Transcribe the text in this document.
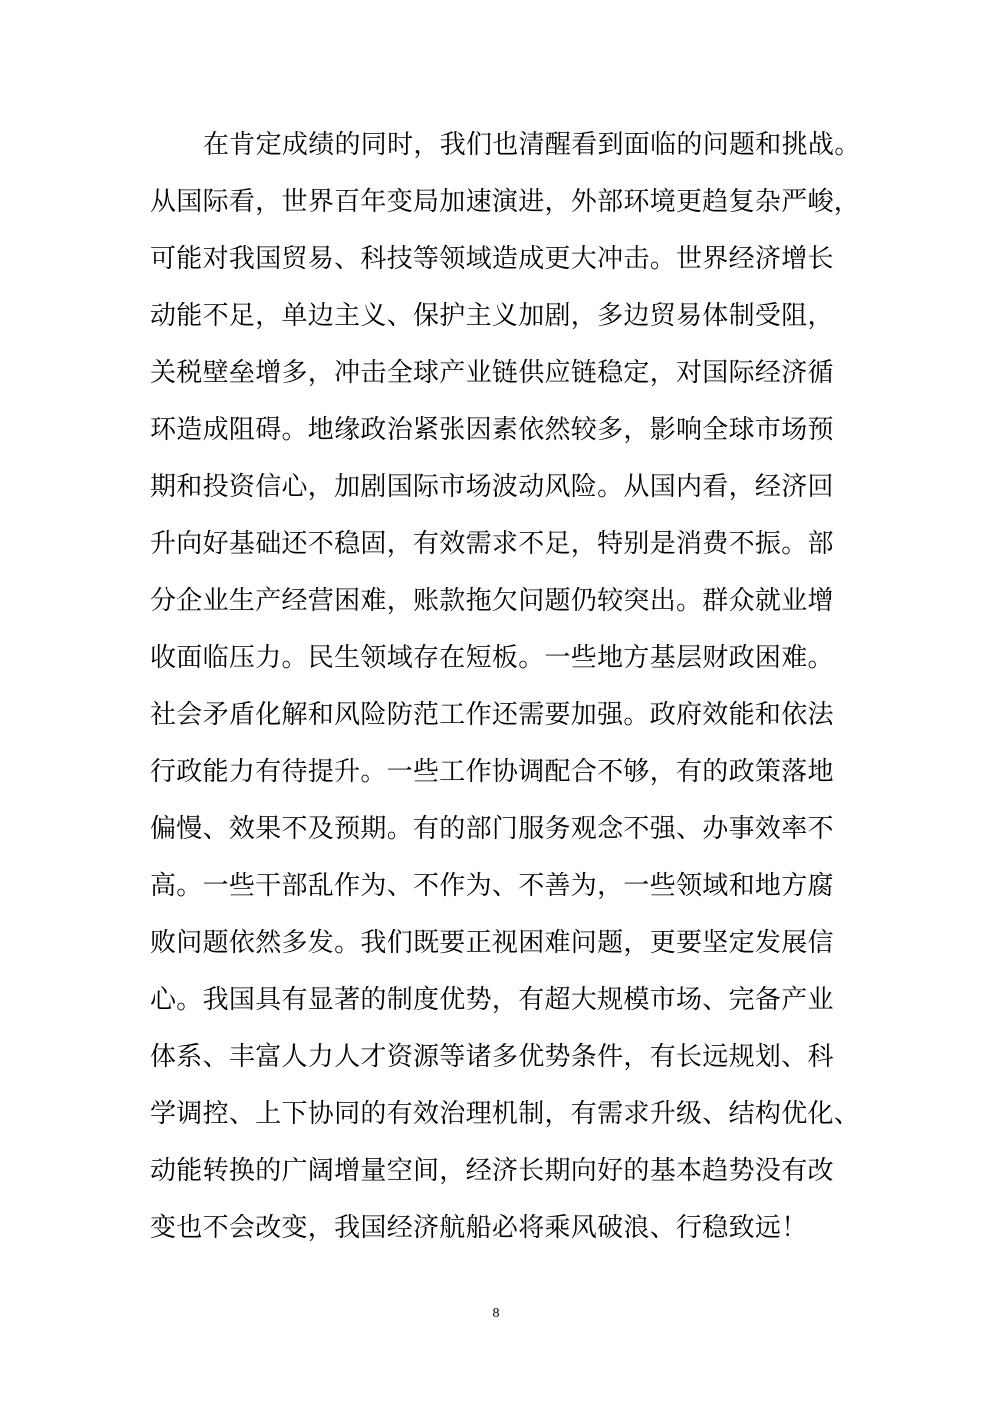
在肯定成绩的同时，我们也清醒看到面临的问题和挑战。
从国际看，世界百年变局加速演进，外部环境更趋复杂严峻，
可能对我国贸易、科技等领域造成更大冲击。世界经济增长
动能不足，单边主义、保护主义加剧，多边贸易体制受阻，
关税壁垒增多，冲击全球产业链供应链稳定，对国际经济循
环造成阻碍。地缘政治紧张因素依然较多，影响全球市场预
期和投资信心，加剧国际市场波动风险。从国内看，经济回
升向好基础还不稳固，有效需求不足，特别是消费不振。部
分企业生产经营困难，账款拖欠问题仍较突出。群众就业增
收面临压力。民生领域存在短板。一些地方基层财政困难。
社会矛盾化解和风险防范工作还需要加强。政府效能和依法
行政能力有待提升。一些工作协调配合不够，有的政策落地
偏慢、效果不及预期。有的部门服务观念不强、办事效率不
高。一些干部乱作为、不作为、不善为，一些领域和地方腐
败问题依然多发。我们既要正视困难问题，更要坚定发展信
心。我国具有显著的制度优势，有超大规模市场、完备产业
体系、丰富人力人才资源等诸多优势条件，有长远规划、科
学调控、上下协同的有效治理机制，有需求升级、结构优化、
动能转换的广阔增量空间，经济长期向好的基本趋势没有改
变也不会改变，我国经济航船必将乘风破浪、行稳致远！
8
